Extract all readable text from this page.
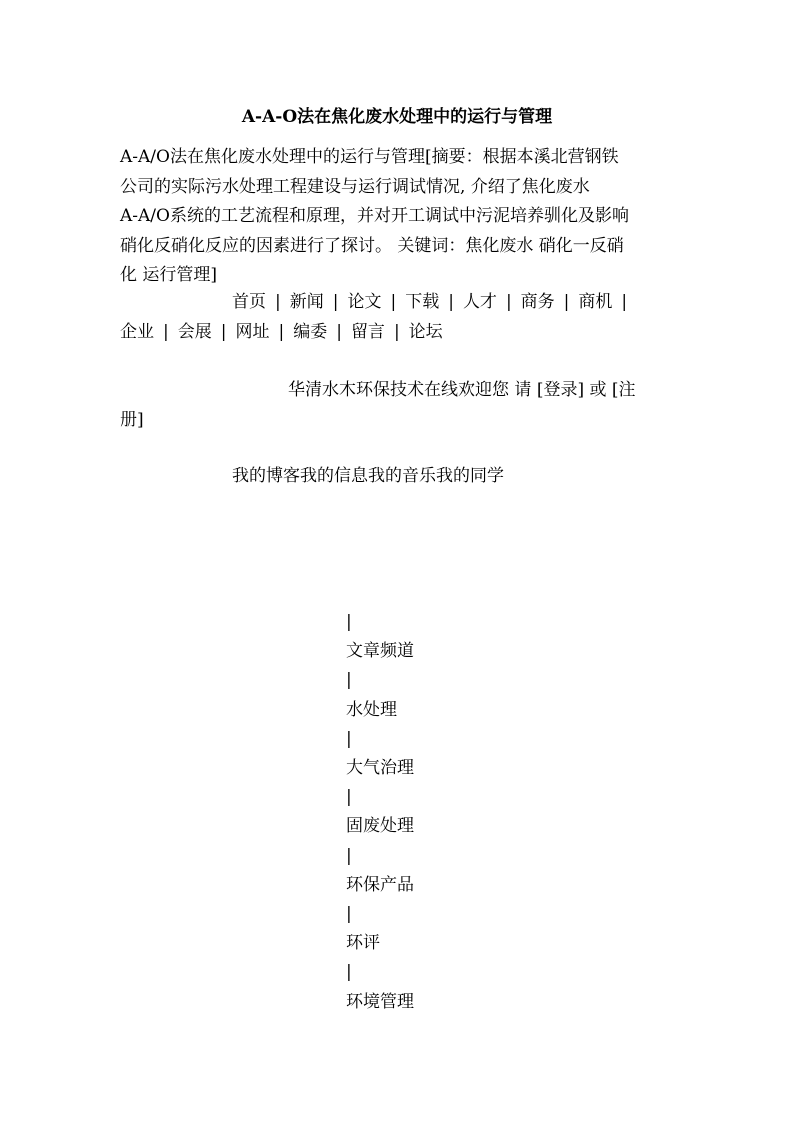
A-A-O法在焦化废水处理中的运行与管理
A-A/O法在焦化废水处理中的运行与管理[摘要：根据本溪北营钢铁
公司的实际污水处理工程建设与运行调试情况, 介绍了焦化废水
A-A/O系统的工艺流程和原理，并对开工调试中污泥培养驯化及影响
硝化反硝化反应的因素进行了探讨。 关键词：焦化废水 硝化一反硝
化 运行管理]
首页 | 新闻 | 论文 | 下载 | 人才 | 商务 | 商机 |
企业 | 会展 | 网址 | 编委 | 留言 | 论坛
华清水木环保技术在线欢迎您 请 [登录] 或 [注
册]
我的博客我的信息我的音乐我的同学
|
文章频道
|
水处理
|
大气治理
|
固废处理
|
环保产品
|
环评
|
环境管理
